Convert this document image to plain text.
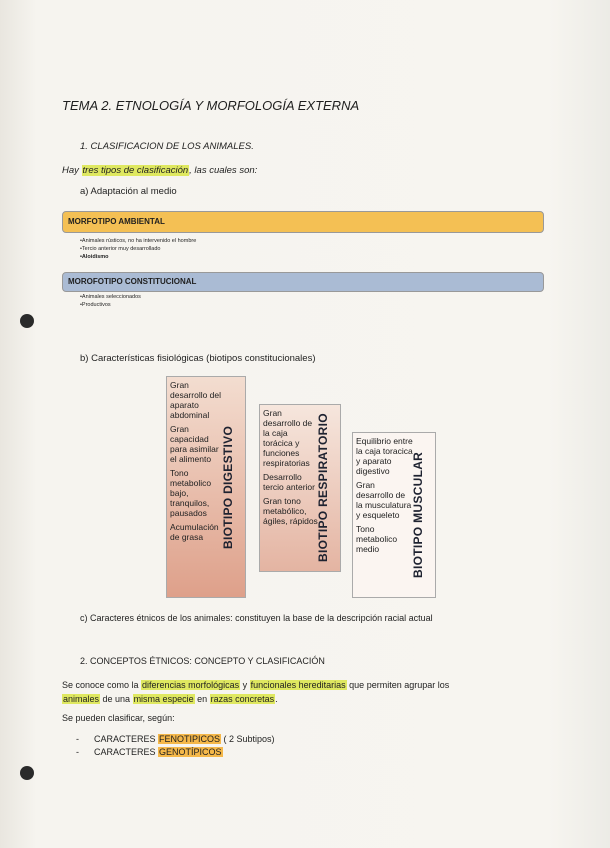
TEMA 2. ETNOLOGÍA Y MORFOLOGÍA EXTERNA
1. CLASIFICACION DE LOS ANIMALES.
Hay tres tipos de clasificación, las cuales son:
a) Adaptación al medio
MORFOTIPO AMBIENTAL
•Animales rústicos, no ha intervenido el hombre
•Tercio anterior muy desarrollado
•Aloidismo
MOROFOTIPO CONSTITUCIONAL
•Animales seleccionados
•Productivos
b) Características fisiológicas (biotipos constitucionales)

Gran desarrollo del aparato abdominal

Gran capacidad para asimilar el alimento

Tono metabolico bajo, tranquilos, pausados

Acumulación de grasa	BIOTIPO DIGESTIVO

Gran desarrollo de la caja torácica y funciones respiratorias

Desarrollo tercio anterior

Gran tono metabólico, ágiles, rápidos

BIOTIPO RESPIRATORIO	Equilibrio entre la caja toracica y aparato digestivo

Gran desarrollo de la musculatura y esqueleto

Tono metabolico medio	BIOTIPO MUSCULAR
c) Caracteres étnicos de los animales: constituyen la base de la descripción racial actual
2. CONCEPTOS ÉTNICOS: CONCEPTO Y CLASIFICACIÓN
Se conoce como la diferencias morfológicas y funcionales hereditarias que permiten agrupar los animales de una misma especie en razas concretas.
Se pueden clasificar, según:
- CARACTERES FENOTIPICOS ( 2 Subtipos)
- CARACTERES GENOTÍPICOS
